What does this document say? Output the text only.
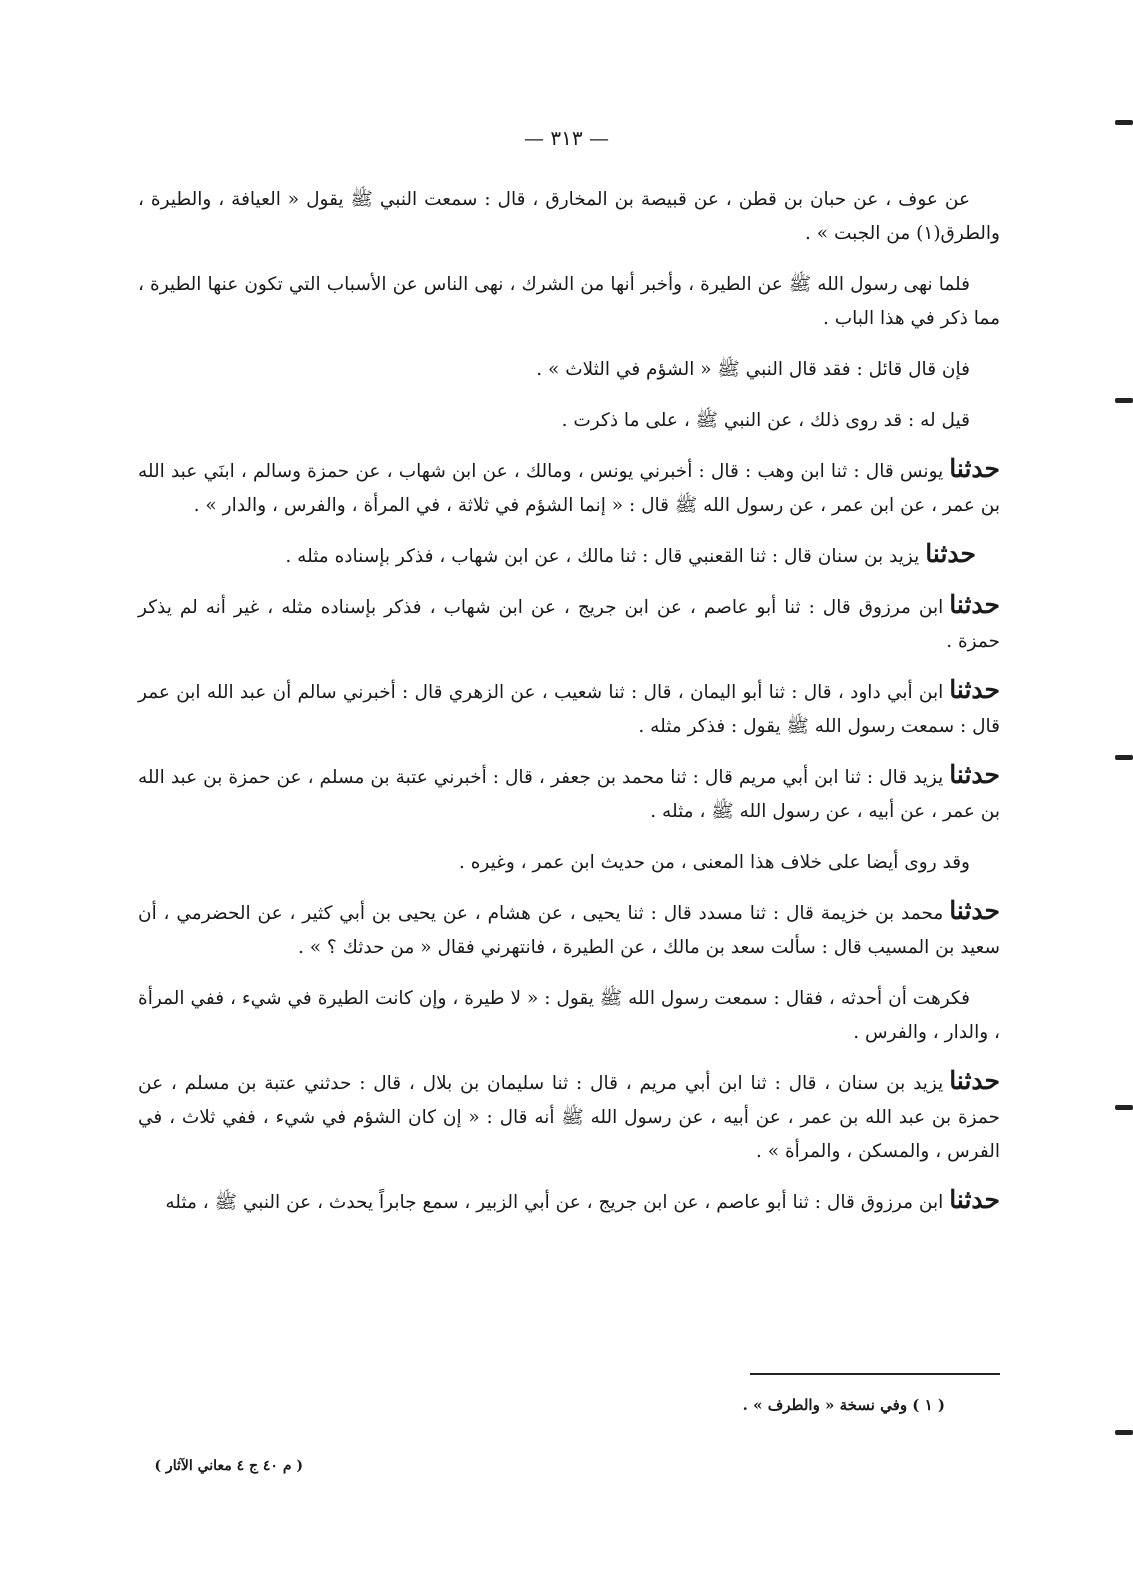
— ٣١٣ —

عن عوف ، عن حبان بن قطن ، عن قبيصة بن المخارق ، قال : سمعت النبي ﷺ يقول « العيافة ، والطيرة ، والطرق(١) من الجبت » .

فلما نهى رسول الله ﷺ عن الطيرة ، وأخبر أنها من الشرك ، نهى الناس عن الأسباب التي تكون عنها الطيرة ، مما ذكر في هذا الباب .

فإن قال قائل : فقد قال النبي ﷺ « الشؤم في الثلاث » .

قيل له : قد روى ذلك ، عن النبي ﷺ ، على ما ذكرت .

حدثنايونس قال : ثنا ابن وهب : قال : أخبرني يونس ، ومالك ، عن ابن شهاب ، عن حمزة وسالم ، ابنَي عبد الله بن عمر ، عن ابن عمر ، عن رسول الله ﷺ قال : « إنما الشؤم في ثلاثة ، في المرأة ، والفرس ، والدار » .

حدثنايزيد بن سنان قال : ثنا القعنبي قال : ثنا مالك ، عن ابن شهاب ، فذكر بإسناده مثله .

حدثناابن مرزوق قال : ثنا أبو عاصم ، عن ابن جريج ، عن ابن شهاب ، فذكر بإسناده مثله ، غير أنه لم يذكر حمزة .

حدثناابن أبي داود ، قال : ثنا أبو اليمان ، قال : ثنا شعيب ، عن الزهري قال : أخبرني سالم أن عبد الله ابن عمر قال : سمعت رسول الله ﷺ يقول : فذكر مثله .

حدثنايزيد قال : ثنا ابن أبي مريم قال : ثنا محمد بن جعفر ، قال : أخبرني عتبة بن مسلم ، عن حمزة بن عبد الله بن عمر ، عن أبيه ، عن رسول الله ﷺ ، مثله .

وقد روى أيضا على خلاف هذا المعنى ، من حديث ابن عمر ، وغيره .

حدثنامحمد بن خزيمة قال : ثنا مسدد قال : ثنا يحيى ، عن هشام ، عن يحيى بن أبي كثير ، عن الحضرمي ، أن سعيد بن المسيب قال : سألت سعد بن مالك ، عن الطيرة ، فانتهرني فقال « من حدثك ؟ » .

فكرهت أن أحدثه ، فقال : سمعت رسول الله ﷺ يقول : « لا طيرة ، وإن كانت الطيرة في شيء ، ففي المرأة ، والدار ، والفرس .

حدثنايزيد بن سنان ، قال : ثنا ابن أبي مريم ، قال : ثنا سليمان بن بلال ، قال : حدثني عتبة بن مسلم ، عن حمزة بن عبد الله بن عمر ، عن أبيه ، عن رسول الله ﷺ أنه قال : « إن كان الشؤم في شيء ، ففي ثلاث ، في الفرس ، والمسكن ، والمرأة » .

حدثناابن مرزوق قال : ثنا أبو عاصم ، عن ابن جريج ، عن أبي الزبير ، سمع جابراً يحدث ، عن النبي ﷺ ، مثله

( ١ ) وفي نسخة « والطرف » .
( م ٤٠ ج ٤ معاني الآثار )
